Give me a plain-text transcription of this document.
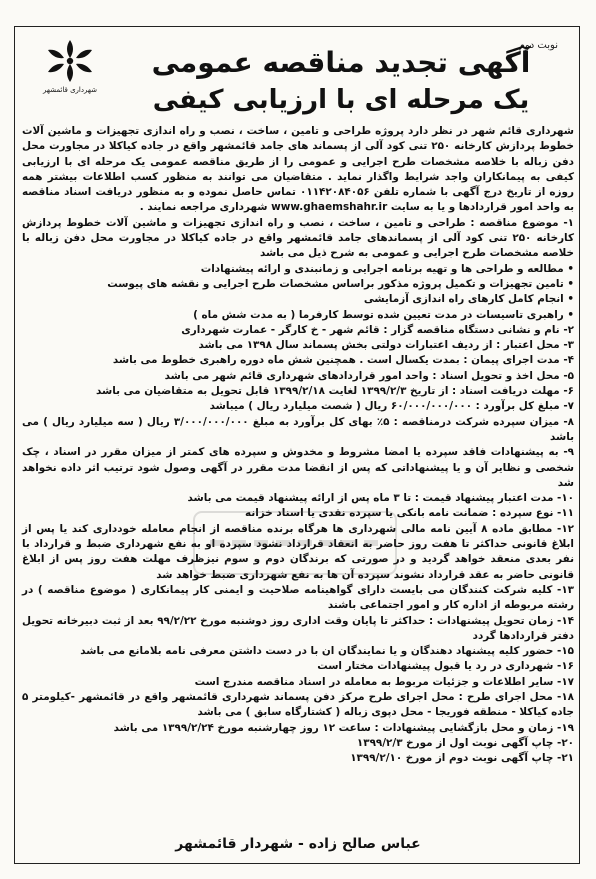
نوبت دوم
شهرداری قائمشهر
آگهی تجدید مناقصه عمومی
یک مرحله ای با ارزیابی کیفی

شهرداری قائم شهر در نظر دارد پروژه طراحی و تامین ، ساخت ، نصب و راه اندازی تجهیزات و ماشین آلات خطوط پردازش کارخانه ۲۵۰ تنی کود آلی از پسماند های جامد قائمشهر واقع در جاده کیاکلا در مجاورت محل دفن زباله با خلاصه مشخصات طرح اجرایی و عمومی را از طریق مناقصه عمومی یک مرحله ای با ارزیابی کیفی به پیمانکاران واجد شرایط واگذار نماید . متقاضیان می توانند به منظور کسب اطلاعات بیشتر همه روزه از تاریخ درج آگهی با شماره تلفن ۰۱۱۴۲۰۸۴۰۵۶ تماس حاصل نموده و به منظور دریافت اسناد مناقصه به واحد امور قراردادها و یا به سایت www.ghaemshahr.ir شهرداری مراجعه نمایند .

۱- موضوع مناقصه : طراحی و تامین ، ساخت ، نصب و راه اندازی تجهیزات و ماشین آلات خطوط پردازش کارخانه ۲۵۰ تنی کود آلی از پسماندهای جامد قائمشهر واقع در جاده کیاکلا در مجاورت محل دفن زباله با خلاصه مشخصات طرح اجرایی و عمومی به شرح ذیل می باشد

• مطالعه و طراحی ها و تهیه برنامه اجرایی و زمانبندی و ارائه پیشنهادات

• تامین تجهیزات و تکمیل پروژه مذکور براساس مشخصات طرح اجرایی و نقشه های پیوست

• انجام کامل کارهای راه اندازی آزمایشی

• راهبری تاسیسات در مدت تعیین شده توسط کارفرما ( به مدت شش ماه )

۲- نام و نشانی دستگاه مناقصه گزار : قائم شهر - خ کارگر - عمارت شهرداری

۳- محل اعتبار : از ردیف اعتبارات دولتی بخش پسماند سال ۱۳۹۸ می باشد

۴- مدت اجرای پیمان : بمدت یکسال است . همچنین شش ماه دوره راهبری خطوط می باشد

۵- محل اخذ و تحویل اسناد : واحد امور قراردادهای شهرداری قائم شهر می باشد

۶- مهلت دریافت اسناد : از تاریخ ۱۳۹۹/۲/۳ لغایت ۱۳۹۹/۲/۱۸ قابل تحویل به متقاضیان می باشد

۷- مبلغ کل برآورد : ۶۰/۰۰۰/۰۰۰/۰۰۰ ریال ( شصت میلیارد ریال ) میباشد

۸- میزان سپرده شرکت درمناقصه : ۵٪ بهای کل برآورد به مبلغ ۳/۰۰۰/۰۰۰/۰۰۰ ریال ( سه میلیارد ریال ) می باشد

۹- به پیشنهادات فاقد سپرده یا امضا مشروط و مخدوش و سپرده های کمتر از میزان مقرر در اسناد ، چک شخصی و نظایر آن و یا پیشنهاداتی که پس از انقضا مدت مقرر در آگهی وصول شود ترتیب اثر داده نخواهد شد

۱۰- مدت اعتبار پیشنهاد قیمت : تا ۳ ماه پس از ارائه پیشنهاد قیمت می باشد

۱۱- نوع سپرده : ضمانت نامه بانکی یا سپرده نقدی یا اسناد خزانه

۱۲- مطابق ماده ۸ آیین نامه مالی شهرداری ها هرگاه برنده مناقصه از انجام معامله خودداری کند یا پس از ابلاغ قانونی حداکثر تا هفت روز حاضر به انعقاد قرارداد نشود سپرده او به نفع شهرداری ضبط و قرارداد با نفر بعدی منعقد خواهد گردید و در صورتی که برندگان دوم و سوم نیزظرف مهلت هفت روز پس از ابلاغ قانونی حاضر به عقد قرارداد نشوند سپرده آن ها به نفع شهرداری ضبط خواهد شد

۱۳- کلیه شرکت کنندگان می بایست دارای گواهینامه صلاحیت و ایمنی کار پیمانکاری ( موضوع مناقصه ) در رشته مربوطه از اداره کار و امور اجتماعی باشند

۱۴- زمان تحویل پیشنهادات : حداکثر تا پایان وقت اداری روز دوشنبه مورخ ۹۹/۲/۲۲ بعد از ثبت دبیرخانه تحویل دفتر قراردادها گردد

۱۵- حضور کلیه پیشنهاد دهندگان و یا نمایندگان ان با در دست داشتن معرفی نامه بلامانع می باشد

۱۶- شهرداری در رد یا قبول پیشنهادات مختار است

۱۷- سایر اطلاعات و جزئیات مربوط به معامله در اسناد مناقصه مندرج است

۱۸- محل اجرای طرح : محل اجرای طرح مرکز دفن پسماند شهرداری قائمشهر واقع در قائمشهر -کیلومتر ۵ جاده کیاکلا - منطقه فوریجا - محل دپوی زباله ( کشتارگاه سابق ) می باشد

۱۹- زمان و محل بازگشایی پیشنهادات : ساعت ۱۲ روز چهارشنبه مورخ ۱۳۹۹/۲/۲۴ می باشد

۲۰- چاپ آگهی نوبت اول از مورخ ۱۳۹۹/۲/۳

۲۱- چاپ آگهی نوبت دوم از مورخ ۱۳۹۹/۲/۱۰

عباس صالح زاده - شهردار قائمشهر
